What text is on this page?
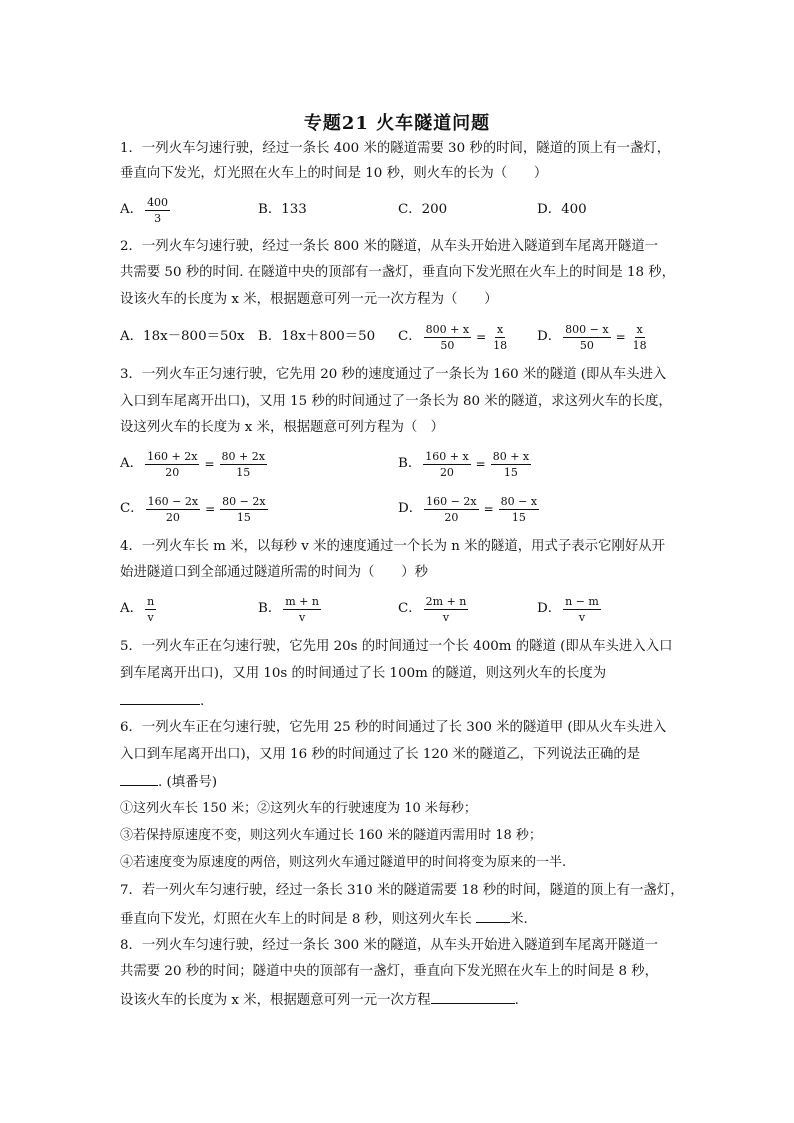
专题21 火车隧道问题
1．一列火车匀速行驶，经过一条长 400 米的隧道需要 30 秒的时间，隧道的顶上有一盏灯，
垂直向下发光，灯光照在火车上的时间是 10 秒，则火车的长为（　　）
A． $\frac{400}{3}$	B．133	C．200	D．400
2．一列火车匀速行驶，经过一条长 800 米的隧道，从车头开始进入隧道到车尾离开隧道一
共需要 50 秒的时间. 在隧道中央的顶部有一盏灯，垂直向下发光照在火车上的时间是 18 秒，
设该火车的长度为 x 米，根据题意可列一元一次方程为（　　）
A．18x－800＝50x B．18x＋800＝50 C． $\frac{800 + x}{50} = \frac{x}{18}$ D． $\frac{800 - x}{50} = \frac{x}{18}$
3．一列火车正匀速行驶，它先用 20 秒的速度通过了一条长为 160 米的隧道 (即从车头进入
入口到车尾离开出口)，又用 15 秒的时间通过了一条长为 80 米的隧道，求这列火车的长度，
设这列火车的长度为 x 米，根据题意可列方程为（　）
A． $\frac{160 + 2x}{20} = \frac{80 + 2x}{15}$	B． $\frac{160 + x}{20} = \frac{80 + x}{15}$
C． $\frac{160 - 2x}{20} = \frac{80 - 2x}{15}$	D． $\frac{160 - 2x}{20} = \frac{80 - x}{15}$
4．一列火车长 m 米，以每秒 v 米的速度通过一个长为 n 米的隧道，用式子表示它刚好从开
始进隧道口到全部通过隧道所需的时间为（　　）秒
A． $\frac{n}{v}$	B． $\frac{m + n}{v}$	C． $\frac{2m + n}{v}$	D． $\frac{n - m}{v}$
5．一列火车正在匀速行驶，它先用 20s 的时间通过一个长 400m 的隧道 (即从车头进入入口
到车尾离开出口)，又用 10s 的时间通过了长 100m 的隧道，则这列火车的长度为
.
6．一列火车正在匀速行驶，它先用 25 秒的时间通过了长 300 米的隧道甲 (即从火车头进入
入口到车尾离开出口)，又用 16 秒的时间通过了长 120 米的隧道乙，下列说法正确的是
. (填番号)
①这列火车长 150 米；②这列火车的行驶速度为 10 米每秒；
③若保持原速度不变，则这列火车通过长 160 米的隧道丙需用时 18 秒；
④若速度变为原速度的两倍，则这列火车通过隧道甲的时间将变为原来的一半.
7．若一列火车匀速行驶，经过一条长 310 米的隧道需要 18 秒的时间，隧道的顶上有一盏灯，
垂直向下发光，灯照在火车上的时间是 8 秒，则这列火车长	米.
8．一列火车匀速行驶，经过一条长 300 米的隧道，从车头开始进入隧道到车尾离开隧道一
共需要 20 秒的时间；隧道中央的顶部有一盏灯，垂直向下发光照在火车上的时间是 8 秒，
设该火车的长度为 x 米，根据题意可列一元一次方程	.
